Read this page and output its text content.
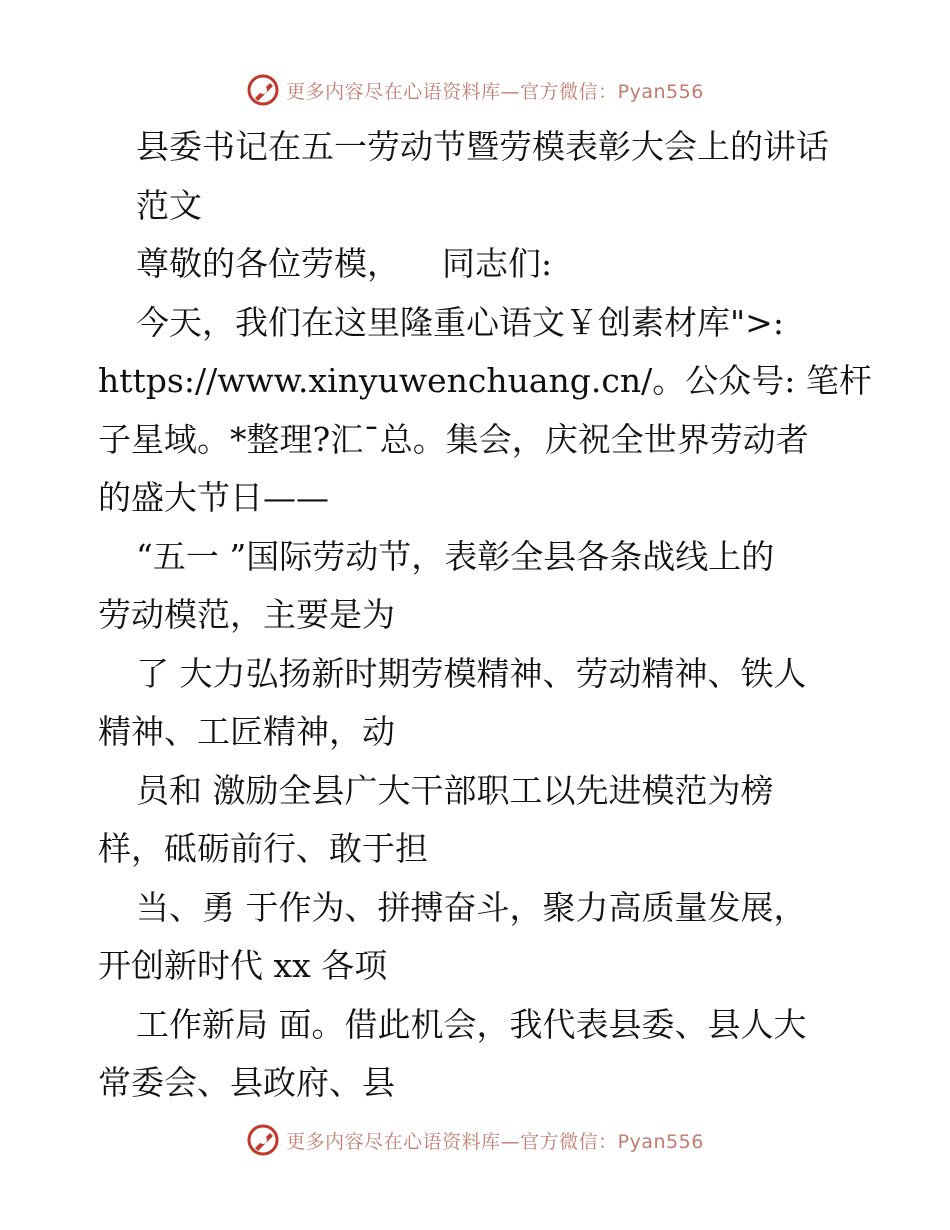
更多内容尽在心语资料库—官方微信：Pyan556

县委书记在五一劳动节暨劳模表彰大会上的讲话

范文

尊敬的各位劳模，    同志们:

今天，我们在这里隆重心语文￥创素材库">:

https://www.xinyuwenchuang.cn/。公众号: 笔杆

子星域。*整理?汇¯总。集会，庆祝全世界劳动者

的盛大节日——

“五一 ”国际劳动节，表彰全县各条战线上的

劳动模范，主要是为

了 大力弘扬新时期劳模精神、劳动精神、铁人

精神、工匠精神，动

员和 激励全县广大干部职工以先进模范为榜

样，砥砺前行、敢于担

当、勇 于作为、拼搏奋斗，聚力高质量发展，

开创新时代 xx 各项

工作新局 面。借此机会，我代表县委、县人大

常委会、县政府、县

更多内容尽在心语资料库—官方微信：Pyan556
